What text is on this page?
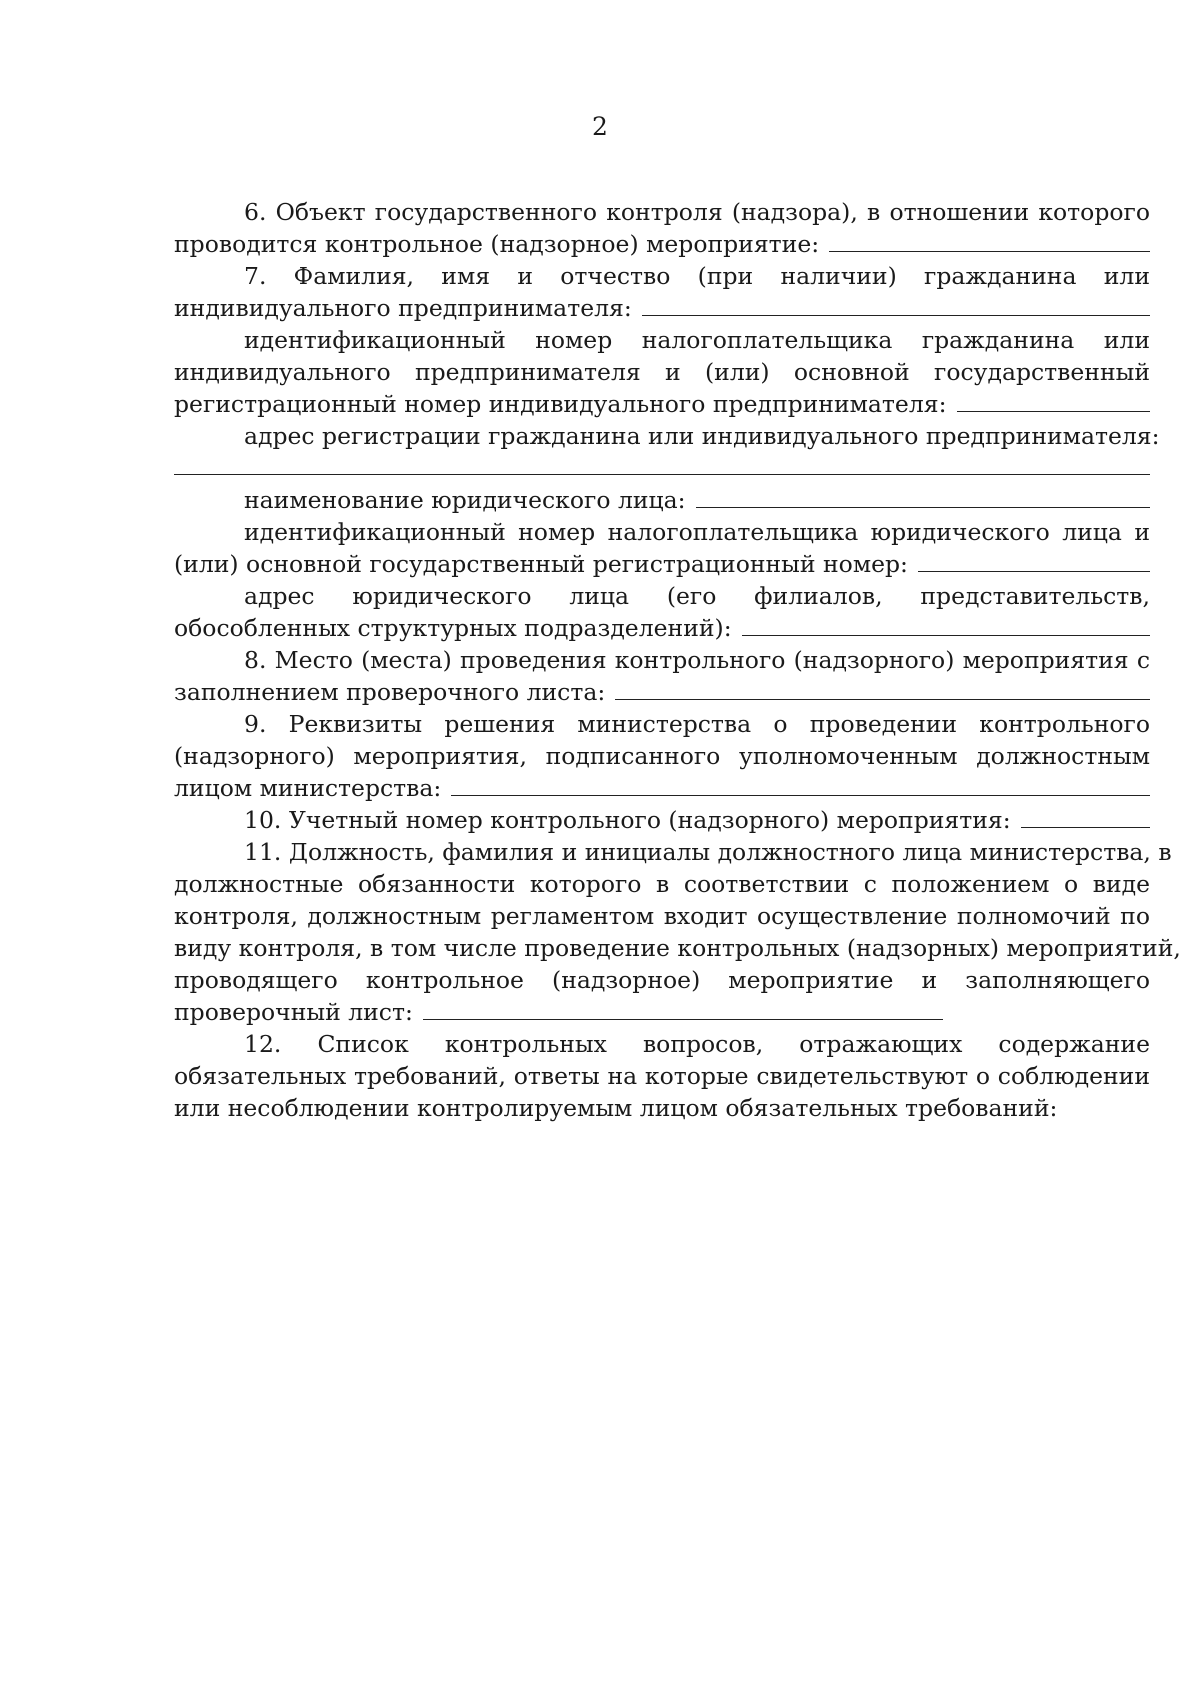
2
6. Объект государственного контроля (надзора), в отношении которого
проводится контрольное (надзорное) мероприятие:
7. Фамилия, имя и отчество (при наличии) гражданина или
индивидуального предпринимателя:
идентификационный номер налогоплательщика гражданина или
индивидуального предпринимателя и (или) основной государственный
регистрационный номер индивидуального предпринимателя:
адрес регистрации гражданина или индивидуального предпринимателя:
наименование юридического лица:
идентификационный номер налогоплательщика юридического лица и
(или) основной государственный регистрационный номер:
адрес юридического лица (его филиалов, представительств,
обособленных структурных подразделений):
8. Место (места) проведения контрольного (надзорного) мероприятия с
заполнением проверочного листа:
9. Реквизиты решения министерства о проведении контрольного
(надзорного) мероприятия, подписанного уполномоченным должностным
лицом министерства:
10. Учетный номер контрольного (надзорного) мероприятия:
11. Должность, фамилия и инициалы должностного лица министерства, в
должностные обязанности которого в соответствии с положением о виде
контроля, должностным регламентом входит осуществление полномочий по
виду контроля, в том числе проведение контрольных (надзорных) мероприятий,
проводящего контрольное (надзорное) мероприятие и заполняющего
проверочный лист:
12. Список контрольных вопросов, отражающих содержание
обязательных требований, ответы на которые свидетельствуют о соблюдении
или несоблюдении контролируемым лицом обязательных требований:
